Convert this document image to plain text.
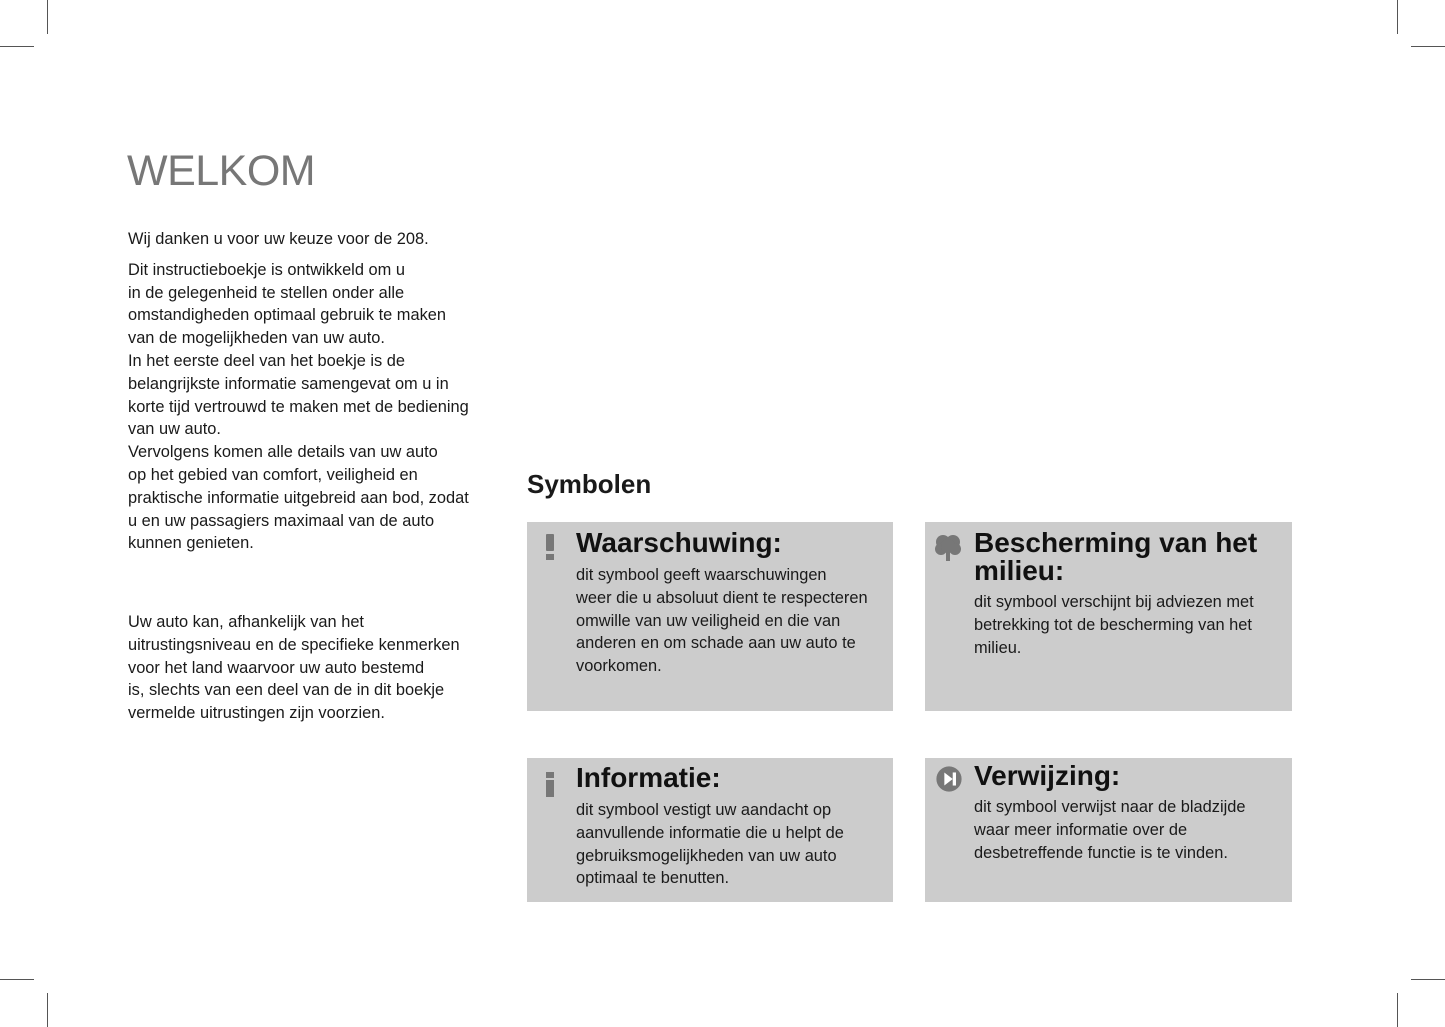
WELKOM

Wij danken u voor uw keuze voor de 208.

Dit instructieboekje is ontwikkeld om u

in de gelegenheid te stellen onder alle

omstandigheden optimaal gebruik te maken

van de mogelijkheden van uw auto.

In het eerste deel van het boekje is de

belangrijkste informatie samengevat om u in

korte tijd vertrouwd te maken met de bediening

van uw auto.

Vervolgens komen alle details van uw auto

op het gebied van comfort, veiligheid en

praktische informatie uitgebreid aan bod, zodat

u en uw passagiers maximaal van de auto

kunnen genieten.

Uw auto kan, afhankelijk van het

uitrustingsniveau en de specifieke kenmerken

voor het land waarvoor uw auto bestemd

is, slechts van een deel van de in dit boekje

vermelde uitrustingen zijn voorzien.

Symbolen
Waarschuwing:

dit symbool geeft waarschuwingen

weer die u absoluut dient te respecteren

omwille van uw veiligheid en die van

anderen en om schade aan uw auto te

voorkomen.

Bescherming van het
milieu:

dit symbool verschijnt bij adviezen met

betrekking tot de bescherming van het

milieu.

Informatie:

dit symbool vestigt uw aandacht op

aanvullende informatie die u helpt de

gebruiksmogelijkheden van uw auto

optimaal te benutten.

Verwijzing:

dit symbool verwijst naar de bladzijde

waar meer informatie over de

desbetreffende functie is te vinden.
